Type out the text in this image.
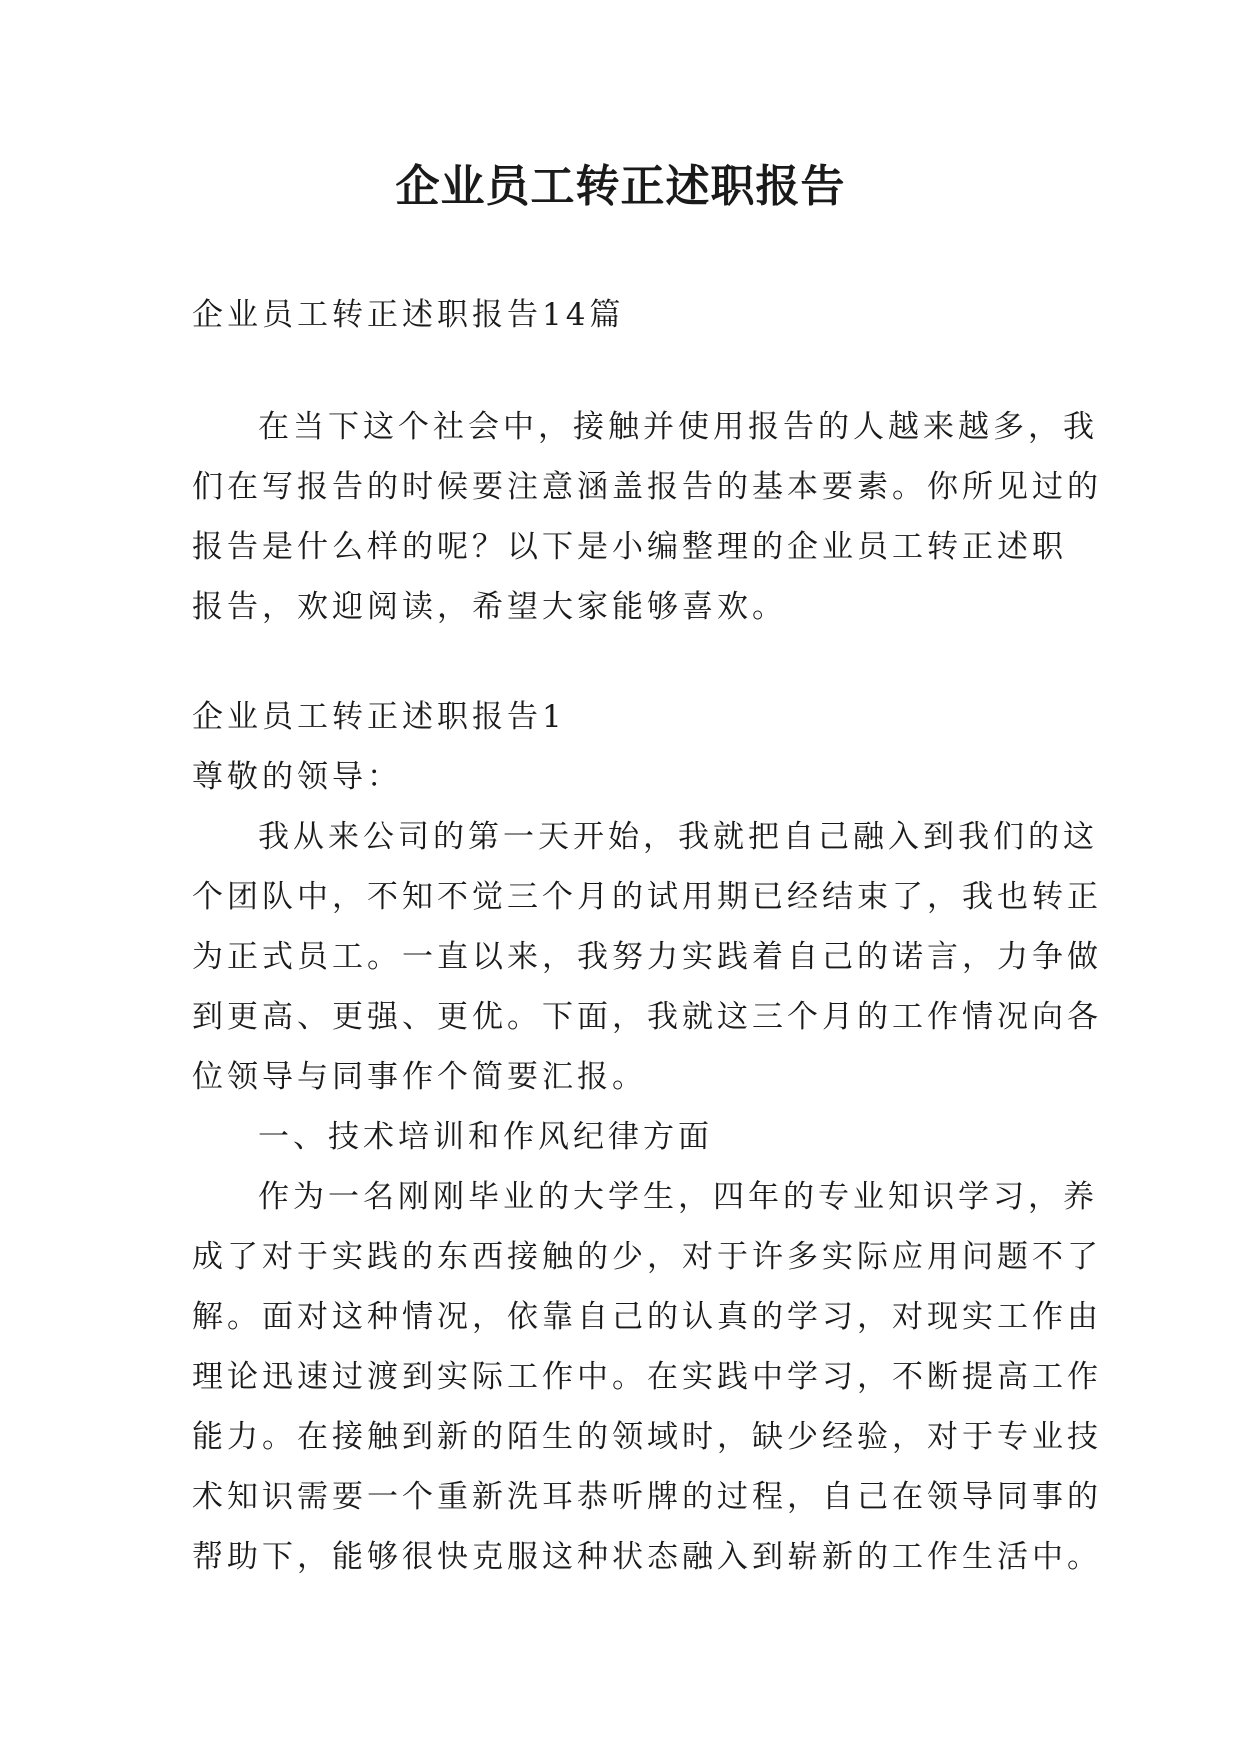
企业员工转正述职报告

企业员工转正述职报告14篇

在当下这个社会中，接触并使用报告的人越来越多，我

们在写报告的时候要注意涵盖报告的基本要素。你所见过的

报告是什么样的呢？以下是小编整理的企业员工转正述职

报告，欢迎阅读，希望大家能够喜欢。

企业员工转正述职报告1

尊敬的领导：

我从来公司的第一天开始，我就把自己融入到我们的这

个团队中，不知不觉三个月的试用期已经结束了，我也转正

为正式员工。一直以来，我努力实践着自己的诺言，力争做

到更高、更强、更优。下面，我就这三个月的工作情况向各

位领导与同事作个简要汇报。

一、技术培训和作风纪律方面

作为一名刚刚毕业的大学生，四年的专业知识学习，养

成了对于实践的东西接触的少，对于许多实际应用问题不了

解。面对这种情况，依靠自己的认真的学习，对现实工作由

理论迅速过渡到实际工作中。在实践中学习，不断提高工作

能力。在接触到新的陌生的领域时，缺少经验，对于专业技

术知识需要一个重新洗耳恭听牌的过程，自己在领导同事的

帮助下，能够很快克服这种状态融入到崭新的工作生活中。
